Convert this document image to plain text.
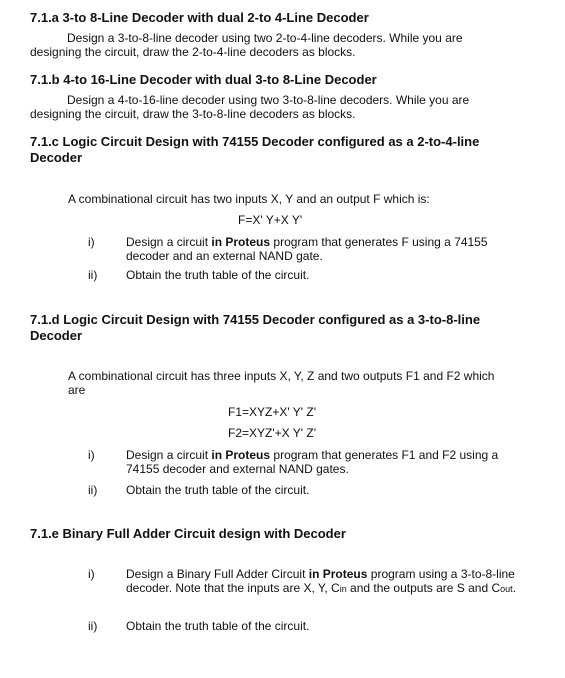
7.1.a 3-to 8-Line Decoder with dual 2-to 4-Line Decoder

Design a 3-to-8-line decoder using two 2-to-4-line decoders. While you are designing the circuit, draw the 2-to-4-line decoders as blocks.

7.1.b 4-to 16-Line Decoder with dual 3-to 8-Line Decoder

Design a 4-to-16-line decoder using two 3-to-8-line decoders. While you are designing the circuit, draw the 3-to-8-line decoders as blocks.

7.1.c Logic Circuit Design with 74155 Decoder configured as a 2-to-4-line Decoder

A combinational circuit has two inputs X, Y and an output F which is:

F=X' Y+X Y'

i)	Design a circuit in Proteus program that generates F using a 74155 decoder and an external NAND gate.
ii) Obtain the truth table of the circuit.
7.1.d Logic Circuit Design with 74155 Decoder configured as a 3-to-8-line Decoder

A combinational circuit has three inputs X, Y, Z and two outputs F1 and F2 which are

F1=XYZ+X' Y' Z'

F2=XYZ'+X Y' Z'

i)	Design a circuit in Proteus program that generates F1 and F2 using a 74155 decoder and external NAND gates.
ii) Obtain the truth table of the circuit.
7.1.e Binary Full Adder Circuit design with Decoder
i)	Design a Binary Full Adder Circuit in Proteus program using a 3-to-8-line decoder. Note that the inputs are X, Y, Cin and the outputs are S and Cout.
ii) Obtain the truth table of the circuit.
